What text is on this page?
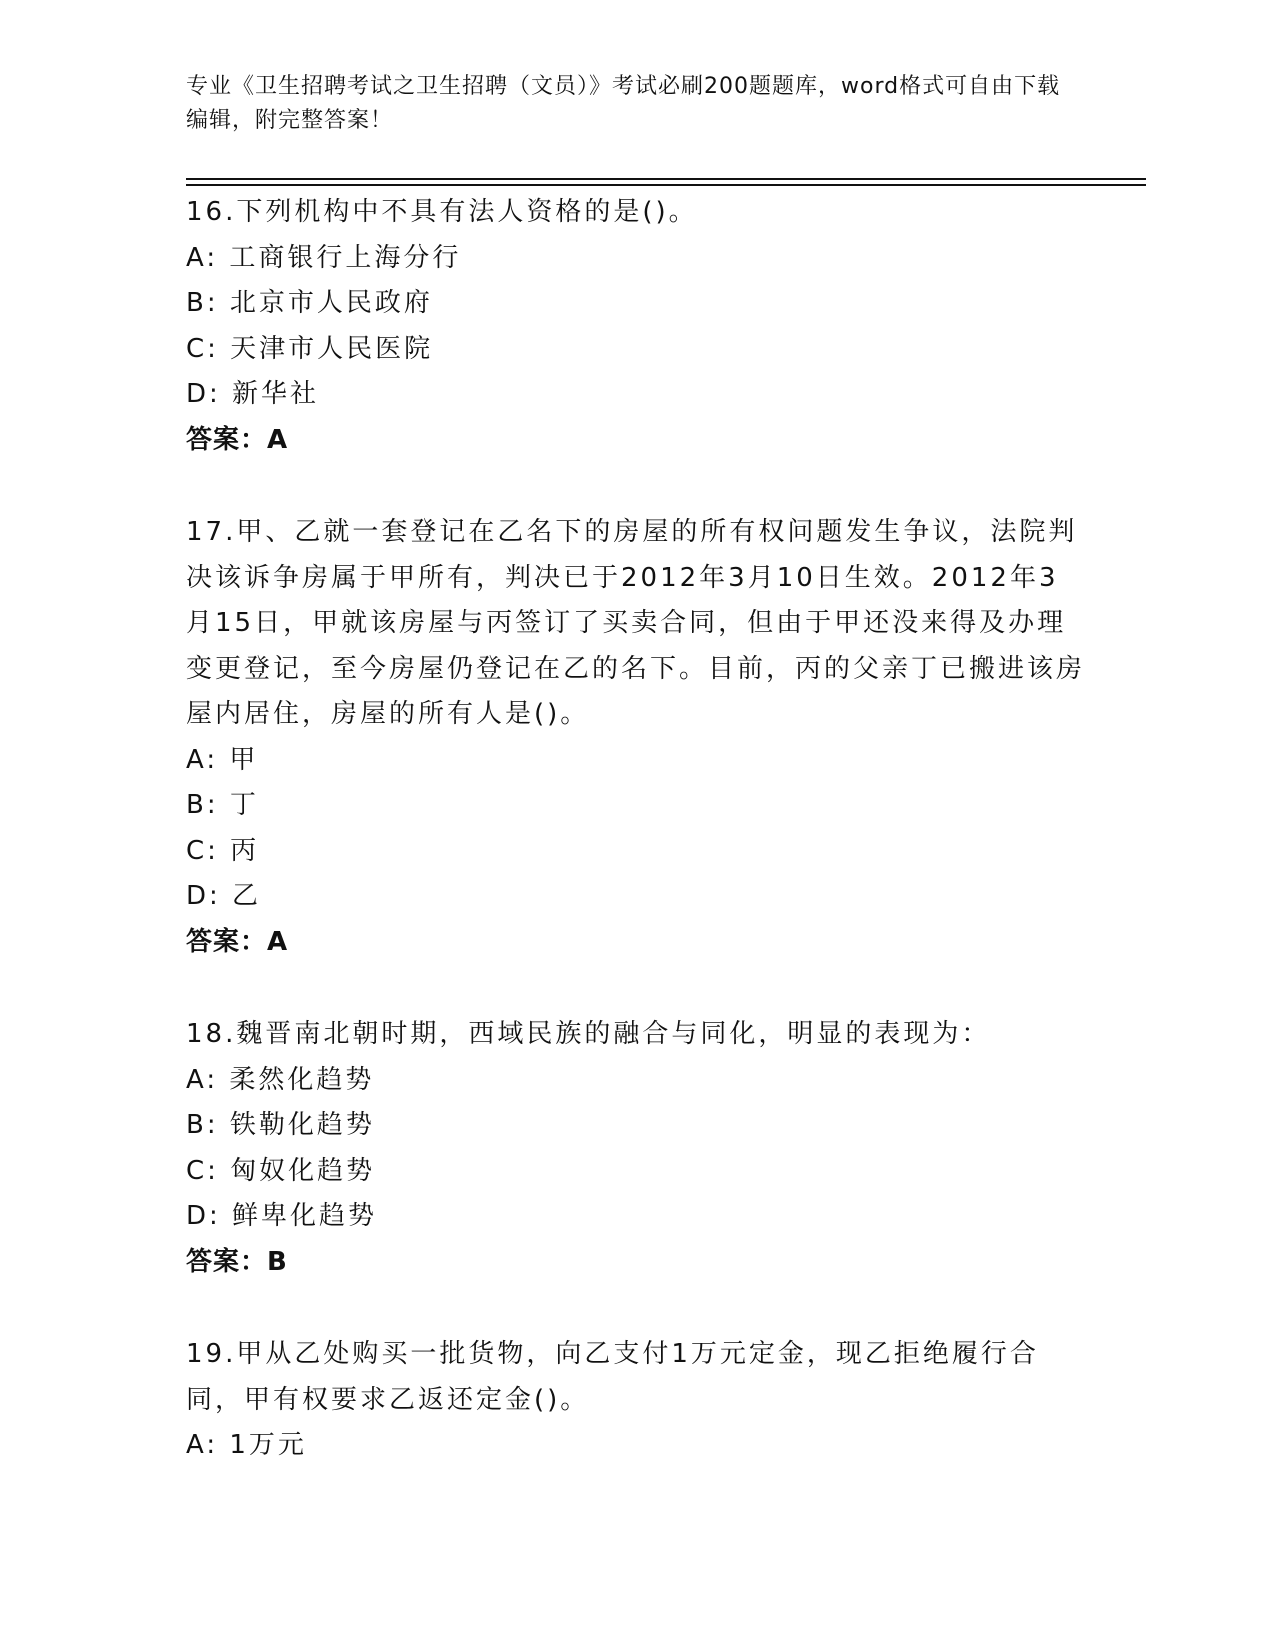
专业《卫生招聘考试之卫生招聘（文员）》考试必刷200题题库，word格式可自由下载编辑，附完整答案！
16.下列机构中不具有法人资格的是()。
A: 工商银行上海分行
B: 北京市人民政府
C: 天津市人民医院
D: 新华社
答案：A
17.甲、乙就一套登记在乙名下的房屋的所有权问题发生争议，法院判决该诉争房属于甲所有，判决已于2012年3月10日生效。2012年3月15日，甲就该房屋与丙签订了买卖合同，但由于甲还没来得及办理变更登记，至今房屋仍登记在乙的名下。目前，丙的父亲丁已搬进该房屋内居住，房屋的所有人是()。
A: 甲
B: 丁
C: 丙
D: 乙
答案：A
18.魏晋南北朝时期，西域民族的融合与同化，明显的表现为：
A: 柔然化趋势
B: 铁勒化趋势
C: 匈奴化趋势
D: 鲜卑化趋势
答案：B
19.甲从乙处购买一批货物，向乙支付1万元定金，现乙拒绝履行合同，甲有权要求乙返还定金()。
A: 1万元
